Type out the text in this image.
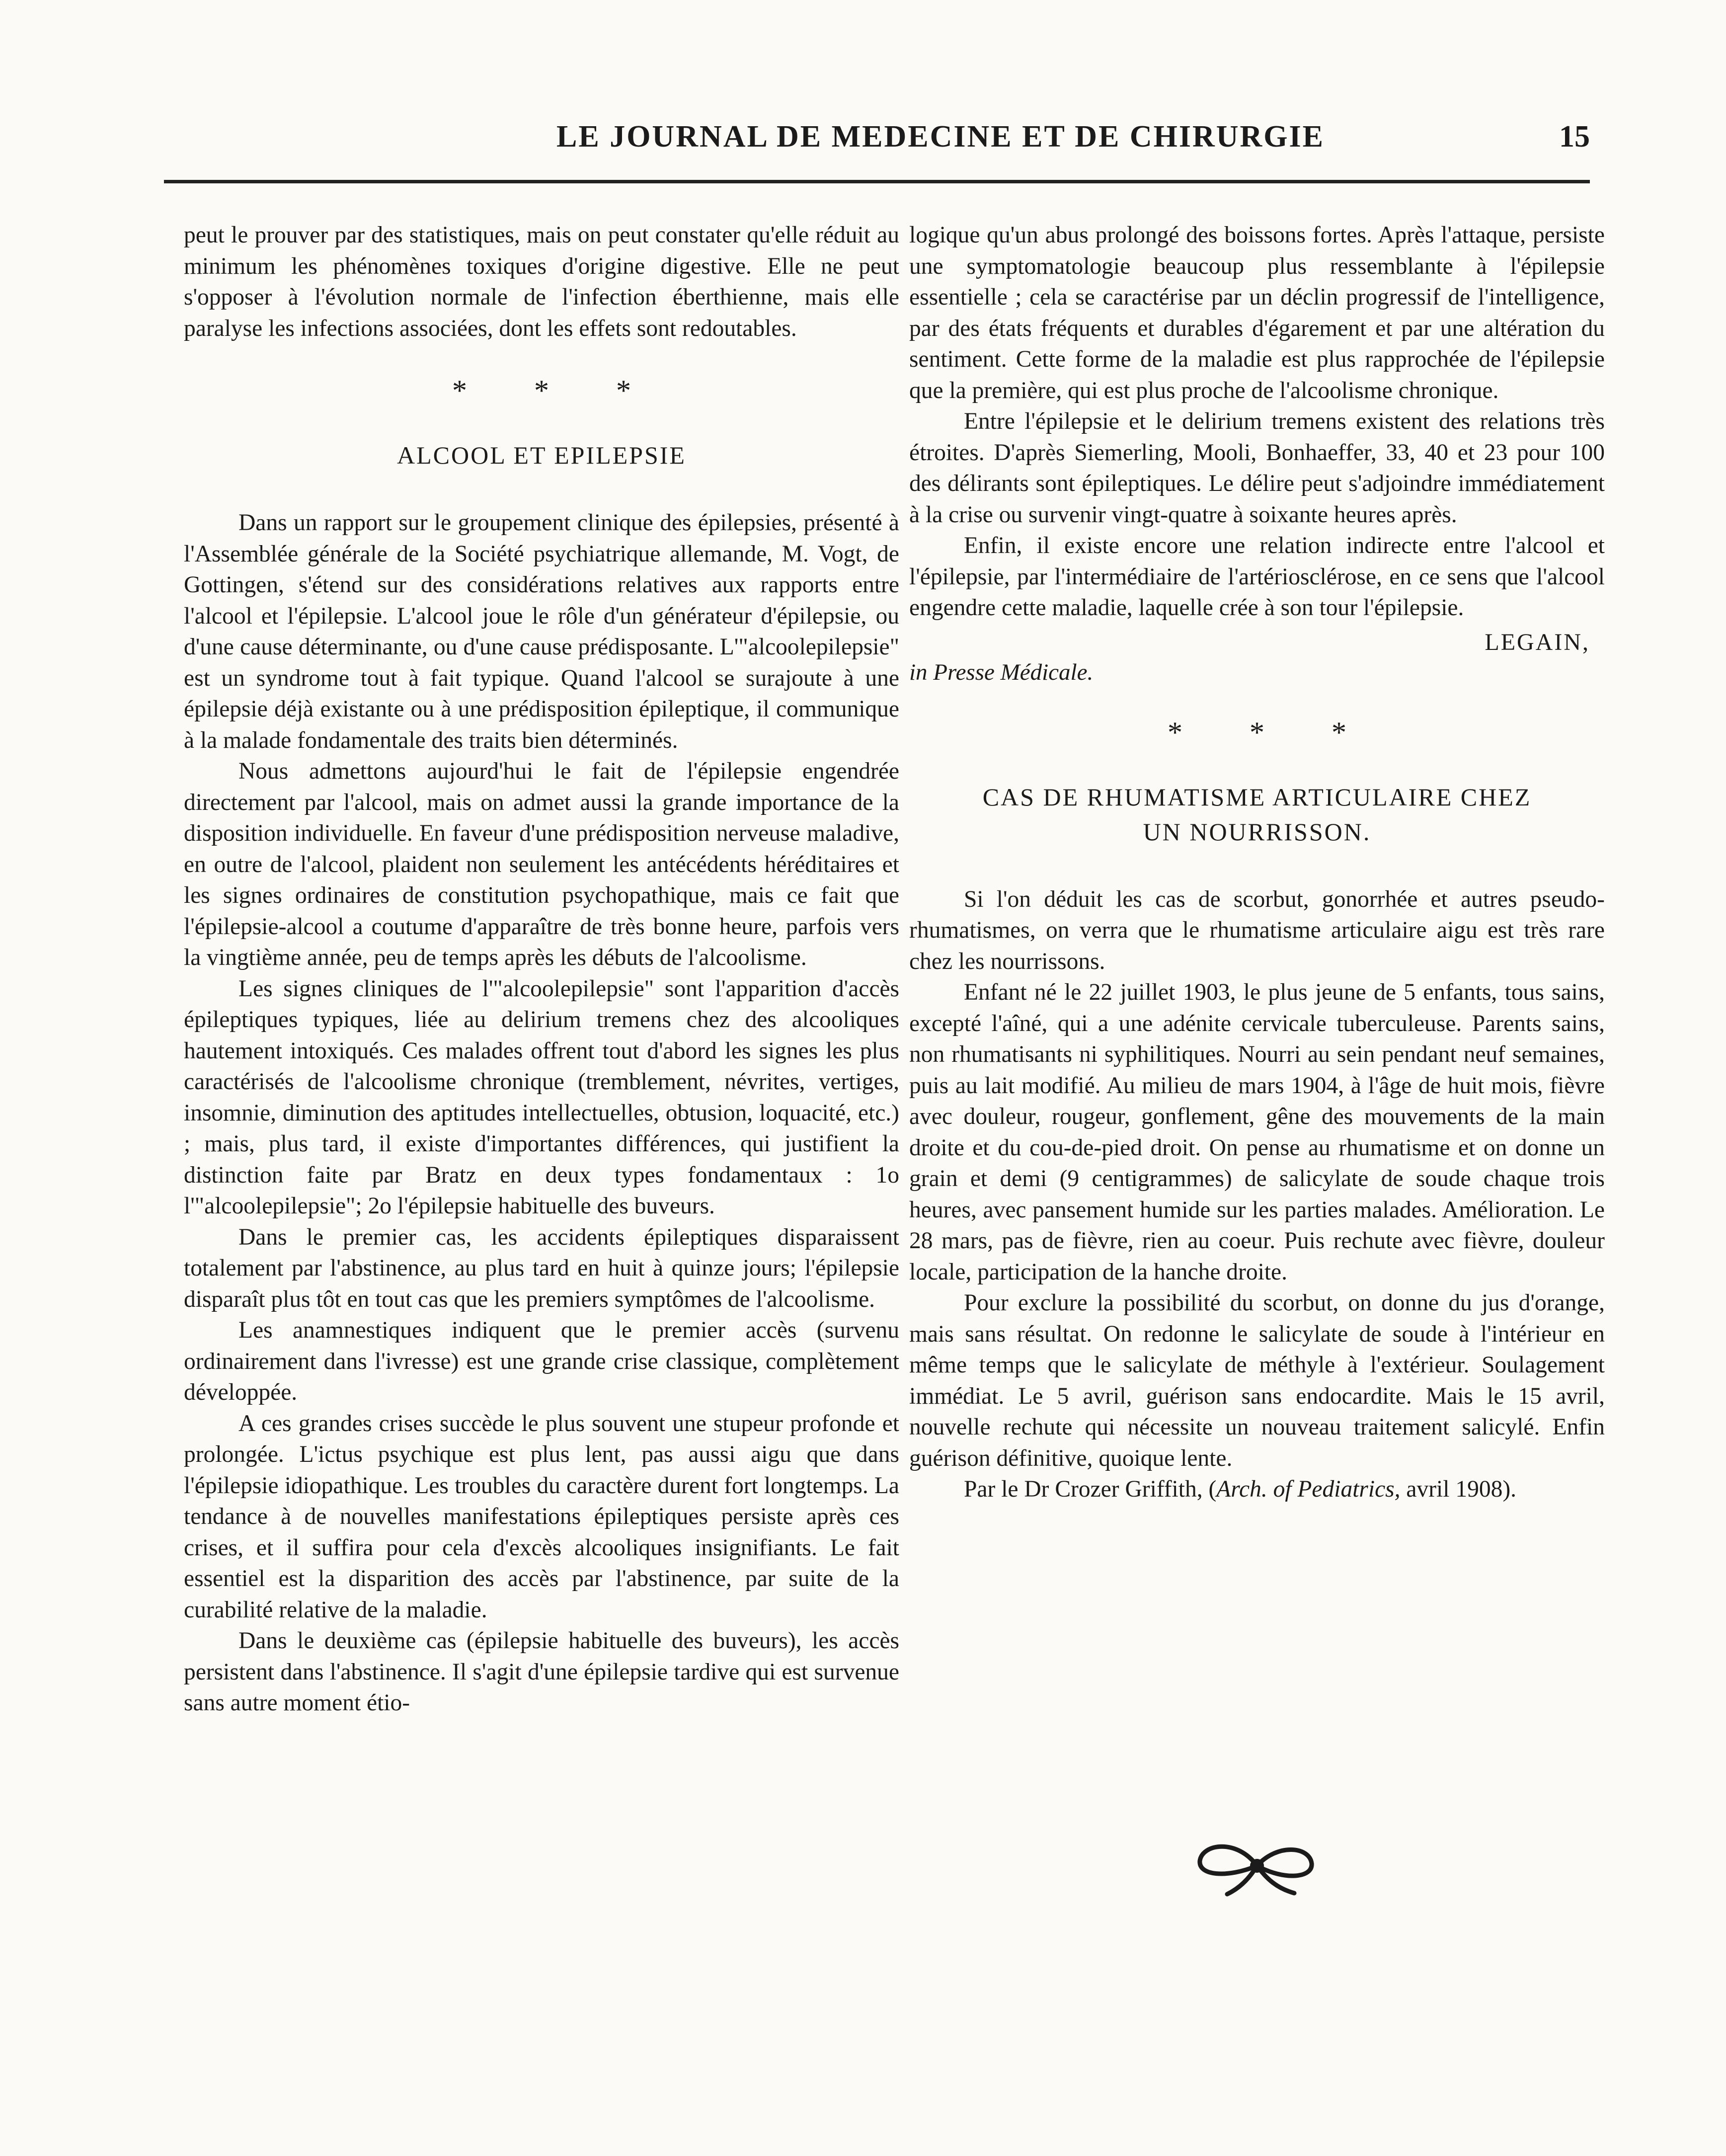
LE JOURNAL DE MEDECINE ET DE CHIRURGIE	15

peut le prouver par des statistiques, mais on peut constater qu'elle réduit au minimum les phénomènes toxiques d'origine digestive. Elle ne peut s'opposer à l'évolution normale de l'infection éberthienne, mais elle paralyse les infections associées, dont les effets sont redoutables.

* * *
ALCOOL ET EPILEPSIE

Dans un rapport sur le groupement clinique des épilepsies, présenté à l'Assemblée générale de la Société psychiatrique allemande, M. Vogt, de Gottingen, s'étend sur des considérations relatives aux rapports entre l'alcool et l'épilepsie. L'alcool joue le rôle d'un générateur d'épilepsie, ou d'une cause déterminante, ou d'une cause prédisposante. L'"alcoolepilepsie" est un syndrome tout à fait typique. Quand l'alcool se surajoute à une épilepsie déjà existante ou à une prédisposition épileptique, il communique à la malade fondamentale des traits bien déterminés.

Nous admettons aujourd'hui le fait de l'épilepsie engendrée directement par l'alcool, mais on admet aussi la grande importance de la disposition individuelle. En faveur d'une prédisposition nerveuse maladive, en outre de l'alcool, plaident non seulement les antécédents héréditaires et les signes ordinaires de constitution psychopathique, mais ce fait que l'épilepsie-alcool a coutume d'apparaître de très bonne heure, parfois vers la vingtième année, peu de temps après les débuts de l'alcoolisme.

Les signes cliniques de l'"alcoolepilepsie" sont l'apparition d'accès épileptiques typiques, liée au delirium tremens chez des alcooliques hautement intoxiqués. Ces malades offrent tout d'abord les signes les plus caractérisés de l'alcoolisme chronique (tremblement, névrites, vertiges, insomnie, diminution des aptitudes intellectuelles, obtusion, loquacité, etc.) ; mais, plus tard, il existe d'importantes différences, qui justifient la distinction faite par Bratz en deux types fondamentaux : 1o l'"alcoolepilepsie"; 2o l'épilepsie habituelle des buveurs.

Dans le premier cas, les accidents épileptiques disparaissent totalement par l'abstinence, au plus tard en huit à quinze jours; l'épilepsie disparaît plus tôt en tout cas que les premiers symptômes de l'alcoolisme.

Les anamnestiques indiquent que le premier accès (survenu ordinairement dans l'ivresse) est une grande crise classique, complètement développée.

A ces grandes crises succède le plus souvent une stupeur profonde et prolongée. L'ictus psychique est plus lent, pas aussi aigu que dans l'épilepsie idiopathique. Les troubles du caractère durent fort longtemps. La tendance à de nouvelles manifestations épileptiques persiste après ces crises, et il suffira pour cela d'excès alcooliques insignifiants. Le fait essentiel est la disparition des accès par l'abstinence, par suite de la curabilité relative de la maladie.

Dans le deuxième cas (épilepsie habituelle des buveurs), les accès persistent dans l'abstinence. Il s'agit d'une épilepsie tardive qui est survenue sans autre moment étio-

logique qu'un abus prolongé des boissons fortes. Après l'attaque, persiste une symptomatologie beaucoup plus ressemblante à l'épilepsie essentielle ; cela se caractérise par un déclin progressif de l'intelligence, par des états fréquents et durables d'égarement et par une altération du sentiment. Cette forme de la maladie est plus rapprochée de l'épilepsie que la première, qui est plus proche de l'alcoolisme chronique.

Entre l'épilepsie et le delirium tremens existent des relations très étroites. D'après Siemerling, Mooli, Bonhaeffer, 33, 40 et 23 pour 100 des délirants sont épileptiques. Le délire peut s'adjoindre immédiatement à la crise ou survenir vingt-quatre à soixante heures après.

Enfin, il existe encore une relation indirecte entre l'alcool et l'épilepsie, par l'intermédiaire de l'artériosclérose, en ce sens que l'alcool engendre cette maladie, laquelle crée à son tour l'épilepsie.

LEGAIN,
in Presse Médicale.
* * *
CAS DE RHUMATISME ARTICULAIRE CHEZ
UN NOURRISSON.

Si l'on déduit les cas de scorbut, gonorrhée et autres pseudo-rhumatismes, on verra que le rhumatisme articulaire aigu est très rare chez les nourrissons.

Enfant né le 22 juillet 1903, le plus jeune de 5 enfants, tous sains, excepté l'aîné, qui a une adénite cervicale tuberculeuse. Parents sains, non rhumatisants ni syphilitiques. Nourri au sein pendant neuf semaines, puis au lait modifié. Au milieu de mars 1904, à l'âge de huit mois, fièvre avec douleur, rougeur, gonflement, gêne des mouvements de la main droite et du cou-de-pied droit. On pense au rhumatisme et on donne un grain et demi (9 centigrammes) de salicylate de soude chaque trois heures, avec pansement humide sur les parties malades. Amélioration. Le 28 mars, pas de fièvre, rien au coeur. Puis rechute avec fièvre, douleur locale, participation de la hanche droite.

Pour exclure la possibilité du scorbut, on donne du jus d'orange, mais sans résultat. On redonne le salicylate de soude à l'intérieur en même temps que le salicylate de méthyle à l'extérieur. Soulagement immédiat. Le 5 avril, guérison sans endocardite. Mais le 15 avril, nouvelle rechute qui nécessite un nouveau traitement salicylé. Enfin guérison définitive, quoique lente.

Par le Dr Crozer Griffith, (Arch. of Pediatrics, avril 1908).
